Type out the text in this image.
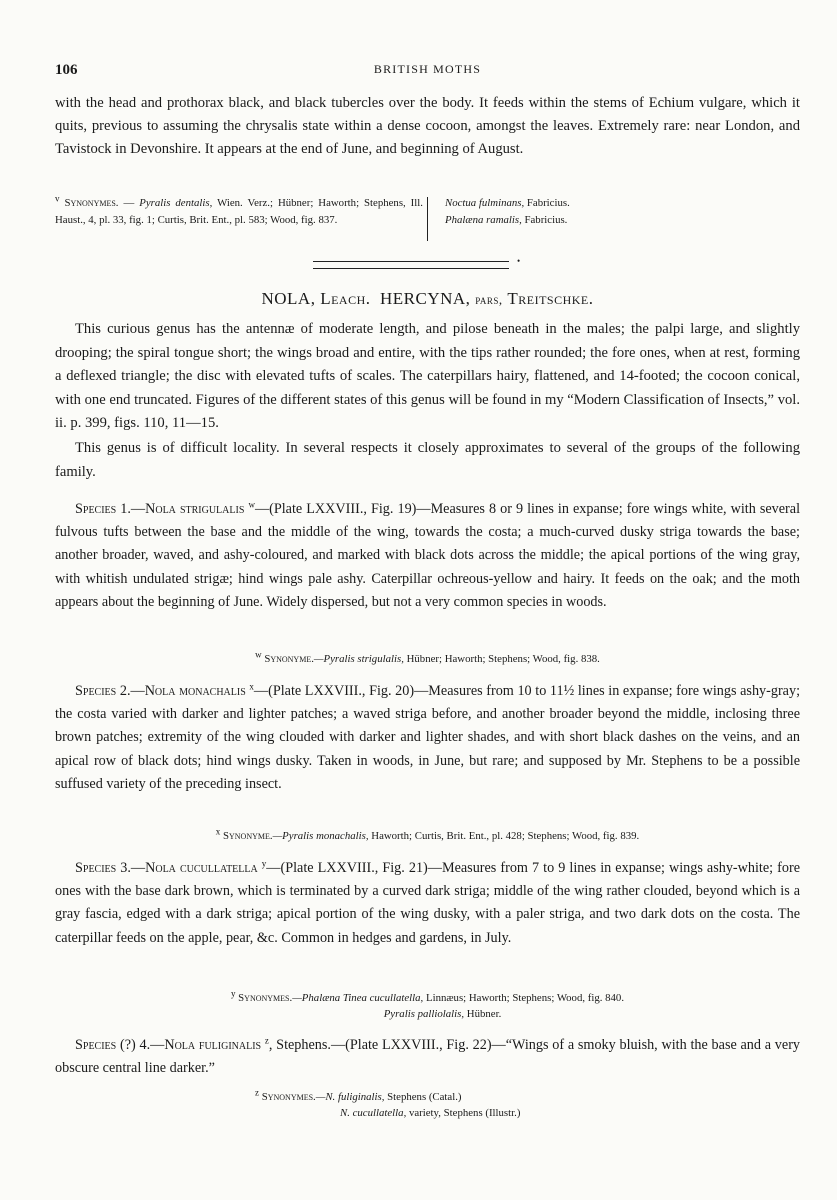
106	BRITISH MOTHS

with the head and prothorax black, and black tubercles over the body. It feeds within the stems of Echium vulgare, which it quits, previous to assuming the chrysalis state within a dense cocoon, amongst the leaves. Extremely rare: near London, and Tavistock in Devonshire. It appears at the end of June, and beginning of August.

$^v$ Synonymes. — Pyralis dentalis, Wien. Verz.; Hübner; Haworth; Stephens, Ill. Haust., 4, pl. 33, fig. 1; Curtis, Brit. Ent., pl. 583; Wood, fig. 837.
Noctua fulminans, Fabricius.
Phalæna ramalis, Fabricius.
•
NOLA, Leach. HERCYNA, pars, Treitschke.

This curious genus has the antennæ of moderate length, and pilose beneath in the males; the palpi large, and slightly drooping; the spiral tongue short; the wings broad and entire, with the tips rather rounded; the fore ones, when at rest, forming a deflexed triangle; the disc with elevated tufts of scales. The caterpillars hairy, flattened, and 14-footed; the cocoon conical, with one end truncated. Figures of the different states of this genus will be found in my “Modern Classification of Insects,” vol. ii. p. 399, figs. 110, 11—15.

This genus is of difficult locality. In several respects it closely approximates to several of the groups of the following family.

Species 1.—Nola strigulalis $^w$—(Plate LXXVIII., Fig. 19)—Measures 8 or 9 lines in expanse; fore wings white, with several fulvous tufts between the base and the middle of the wing, towards the costa; a much-curved dusky striga towards the base; another broader, waved, and ashy-coloured, and marked with black dots across the middle; the apical portions of the wing gray, with whitish undulated strigæ; hind wings pale ashy. Caterpillar ochreous-yellow and hairy. It feeds on the oak; and the moth appears about the beginning of June. Widely dispersed, but not a very common species in woods.

$^w$ Synonyme.—Pyralis strigulalis, Hübner; Haworth; Stephens; Wood, fig. 838.

Species 2.—Nola monachalis $^x$—(Plate LXXVIII., Fig. 20)—Measures from 10 to 11½ lines in expanse; fore wings ashy-gray; the costa varied with darker and lighter patches; a waved striga before, and another broader beyond the middle, inclosing three brown patches; extremity of the wing clouded with darker and lighter shades, and with short black dashes on the veins, and an apical row of black dots; hind wings dusky. Taken in woods, in June, but rare; and supposed by Mr. Stephens to be a possible suffused variety of the preceding insect.

$^x$ Synonyme.—Pyralis monachalis, Haworth; Curtis, Brit. Ent., pl. 428; Stephens; Wood, fig. 839.

Species 3.—Nola cucullatella $^y$—(Plate LXXVIII., Fig. 21)—Measures from 7 to 9 lines in expanse; wings ashy-white; fore ones with the base dark brown, which is terminated by a curved dark striga; middle of the wing rather clouded, beyond which is a gray fascia, edged with a dark striga; apical portion of the wing dusky, with a paler striga, and two dark dots on the costa. The caterpillar feeds on the apple, pear, &c. Common in hedges and gardens, in July.

$^y$ Synonymes.—Phalæna Tinea cucullatella, Linnæus; Haworth; Stephens; Wood, fig. 840.
Pyralis palliolalis, Hübner.

Species (?) 4.—Nola fuliginalis $^z$, Stephens.—(Plate LXXVIII., Fig. 22)—“Wings of a smoky bluish, with the base and a very obscure central line darker.”

$^z$ Synonymes.—N. fuliginalis, Stephens (Catal.)
N. cucullatella, variety, Stephens (Illustr.)
